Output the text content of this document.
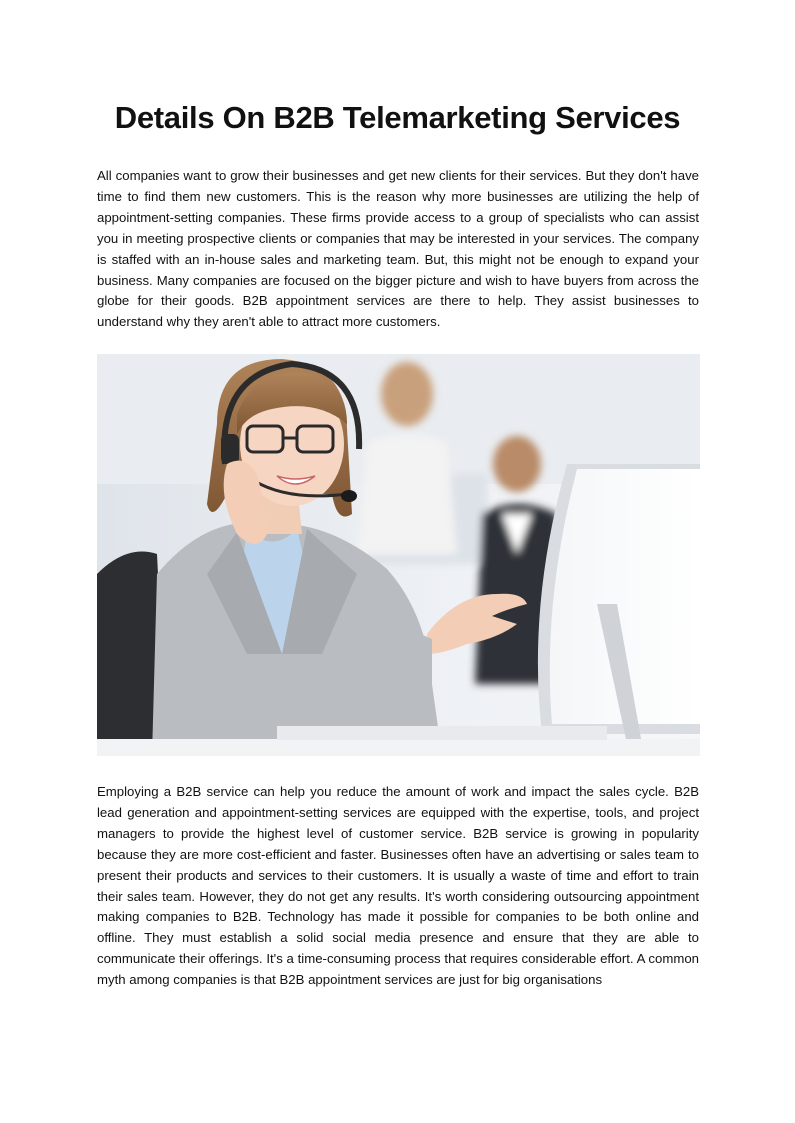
Details On B2B Telemarketing Services

All companies want to grow their businesses and get new clients for their services. But they don't have time to find them new customers. This is the reason why more businesses are utilizing the help of appointment-setting companies. These firms provide access to a group of specialists who can assist you in meeting prospective clients or companies that may be interested in your services. The company is staffed with an in-house sales and marketing team. But, this might not be enough to expand your business. Many companies are focused on the bigger picture and wish to have buyers from across the globe for their goods. B2B appointment services are there to help. They assist businesses to understand why they aren't able to attract more customers.

Employing a B2B service can help you reduce the amount of work and impact the sales cycle. B2B lead generation and appointment-setting services are equipped with the expertise, tools, and project managers to provide the highest level of customer service. B2B service is growing in popularity because they are more cost-efficient and faster. Businesses often have an advertising or sales team to present their products and services to their customers. It is usually a waste of time and effort to train their sales team. However, they do not get any results. It's worth considering outsourcing appointment making companies to B2B. Technology has made it possible for companies to be both online and offline. They must establish a solid social media presence and ensure that they are able to communicate their offerings. It's a time-consuming process that requires considerable effort. A common myth among companies is that B2B appointment services are just for big organisations
